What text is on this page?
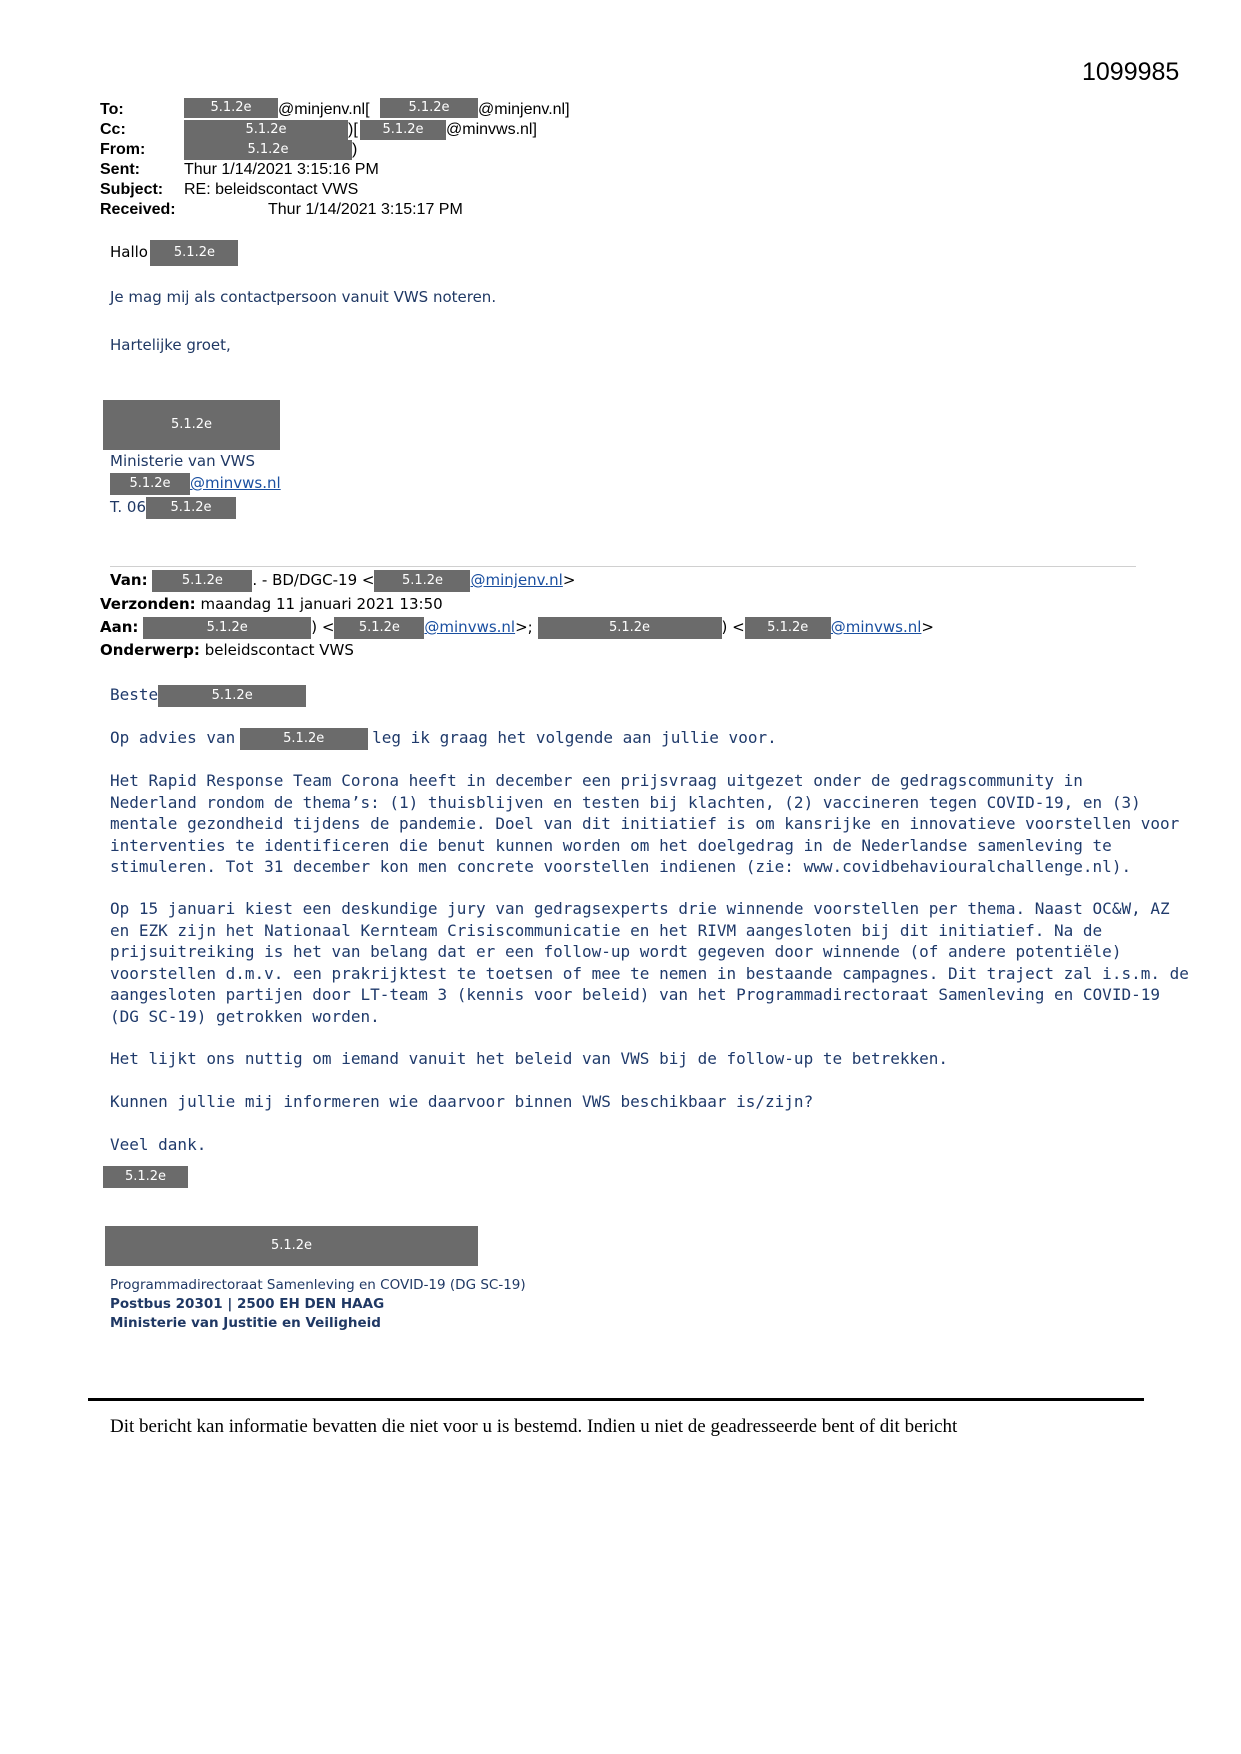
1099985
To:	5.1.2e	@minjenv.nl[	5.1.2e	@minjenv.nl]
Cc:	5.1.2e	)[	5.1.2e	@minvws.nl]
From:	5.1.2e	)
Sent:	Thur 1/14/2021 3:15:16 PM
Subject: RE: beleidscontact VWS
Received:	Thur 1/14/2021 3:15:17 PM
Hallo 5.1.2e
Je mag mij als contactpersoon vanuit VWS noteren.
Hartelijke groet,
5.1.2e
Ministerie van VWS
5.1.2e @minvws.nl
T. 06 5.1.2e
Van:	5.1.2e . - BD/DGC-19 < 5.1.2e @minjenv.nl>
Verzonden: maandag 11 januari 2021 13:50
Aan:	5.1.2e	) < 5.1.2e @minvws.nl>;	5.1.2e	) < 5.1.2e @minvws.nl>
Onderwerp: beleidscontact VWS
Beste	5.1.2e
Op advies van	5.1.2e	leg ik graag het volgende aan jullie voor.
Het Rapid Response Team Corona heeft in december een prijsvraag uitgezet onder de gedragscommunity in
Nederland rondom de thema’s: (1) thuisblijven en testen bij klachten, (2) vaccineren tegen COVID-19, en (3)
mentale gezondheid tijdens de pandemie. Doel van dit initiatief is om kansrijke en innovatieve voorstellen voor
interventies te identificeren die benut kunnen worden om het doelgedrag in de Nederlandse samenleving te
stimuleren. Tot 31 december kon men concrete voorstellen indienen (zie: www.covidbehaviouralchallenge.nl).
Op 15 januari kiest een deskundige jury van gedragsexperts drie winnende voorstellen per thema. Naast OC&W, AZ
en EZK zijn het Nationaal Kernteam Crisiscommunicatie en het RIVM aangesloten bij dit initiatief. Na de
prijsuitreiking is het van belang dat er een follow-up wordt gegeven door winnende (of andere potentiële)
voorstellen d.m.v. een prakrijktest te toetsen of mee te nemen in bestaande campagnes. Dit traject zal i.s.m. de
aangesloten partijen door LT-team 3 (kennis voor beleid) van het Programmadirectoraat Samenleving en COVID-19
(DG SC-19) getrokken worden.
Het lijkt ons nuttig om iemand vanuit het beleid van VWS bij de follow-up te betrekken.
Kunnen jullie mij informeren wie daarvoor binnen VWS beschikbaar is/zijn?
Veel dank.
5.1.2e
5.1.2e
Programmadirectoraat Samenleving en COVID-19 (DG SC-19)
Postbus 20301 | 2500 EH DEN HAAG
Ministerie van Justitie en Veiligheid
Dit bericht kan informatie bevatten die niet voor u is bestemd. Indien u niet de geadresseerde bent of dit bericht
